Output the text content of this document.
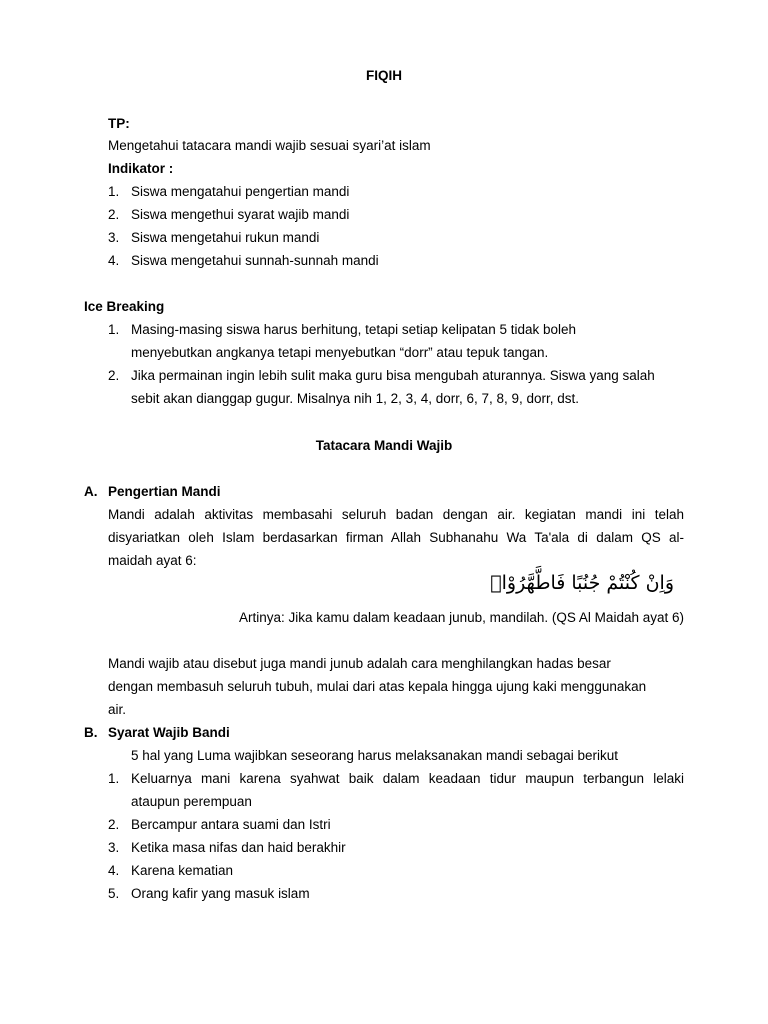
FIQIH
TP:
Mengetahui tatacara mandi wajib sesuai syari’at islam
Indikator :
1. Siswa mengatahui pengertian mandi
2. Siswa mengethui syarat wajib mandi
3. Siswa mengetahui rukun mandi
4. Siswa mengetahui sunnah-sunnah mandi
Ice Breaking
1. Masing-masing siswa harus berhitung, tetapi setiap kelipatan 5 tidak boleh
menyebutkan angkanya tetapi menyebutkan “dorr” atau tepuk tangan.
2. Jika permainan ingin lebih sulit maka guru bisa mengubah aturannya. Siswa yang salah
sebit akan dianggap gugur. Misalnya nih 1, 2, 3, 4, dorr, 6, 7, 8, 9, dorr, dst.
Tatacara Mandi Wajib
A. Pengertian Mandi
Mandi adalah aktivitas membasahi seluruh badan dengan air. kegiatan mandi ini telah
disyariatkan oleh Islam berdasarkan firman Allah Subhanahu Wa Ta'ala di dalam QS al-
maidah ayat 6:
وَاِنْ كُنْتُمْ جُنُبًا فَاطَّهَّرُوْاۗ
Artinya: Jika kamu dalam keadaan junub, mandilah. (QS Al Maidah ayat 6)
Mandi wajib atau disebut juga mandi junub adalah cara menghilangkan hadas besar
dengan membasuh seluruh tubuh, mulai dari atas kepala hingga ujung kaki menggunakan
air.
B. Syarat Wajib Bandi
5 hal yang Luma wajibkan seseorang harus melaksanakan mandi sebagai berikut
1. Keluarnya mani karena syahwat baik dalam keadaan tidur maupun terbangun lelaki
ataupun perempuan
2. Bercampur antara suami dan Istri
3. Ketika masa nifas dan haid berakhir
4. Karena kematian
5. Orang kafir yang masuk islam
